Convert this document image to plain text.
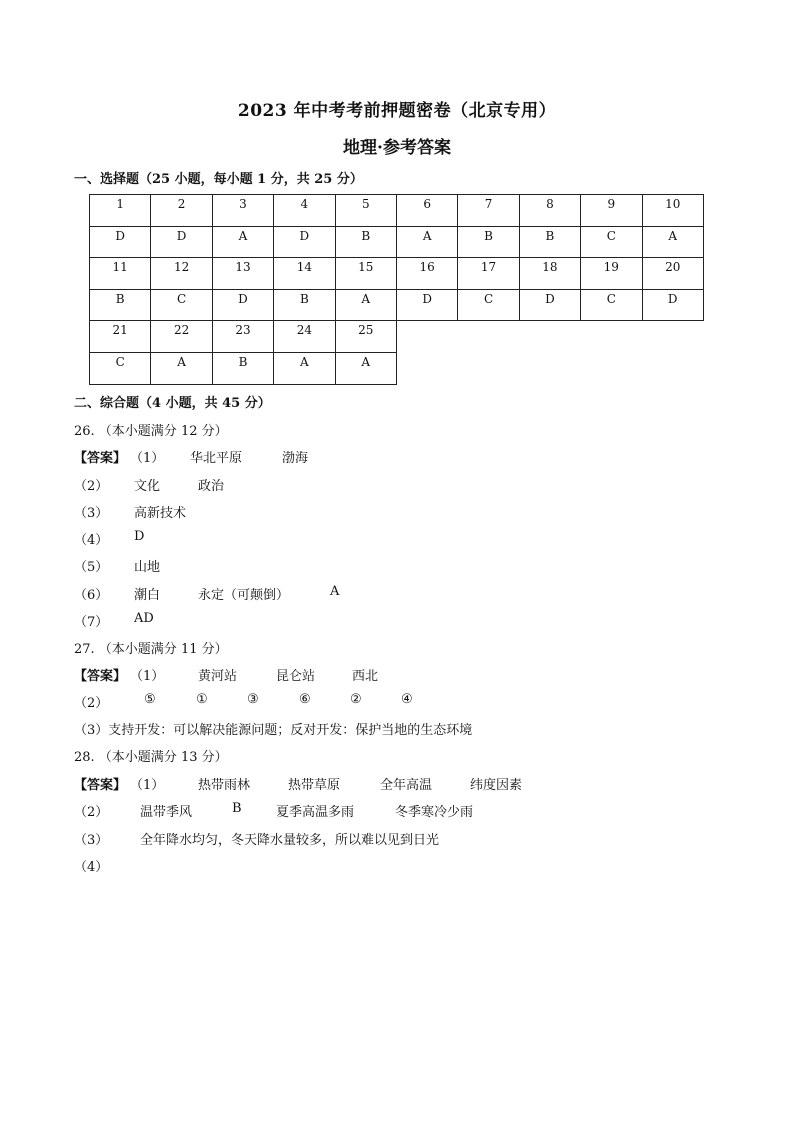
2023 年中考考前押题密卷（北京专用）
地理·参考答案
一、选择题（25 小题，每小题 1 分，共 25 分）
1	2	3	4	5	6	7	8	9	10
D	D	A	D	B	A	B	B	C	A
11	12	13	14	15	16	17	18	19	20
B	C	D	B	A	D	C	D	C	D
21	22	23	24	25					
C	A	B	A	A					
二、综合题（4 小题，共 45 分）
26. （本小题满分 12 分）
【答案】 （1） 华北平原	渤海
（2） 文化	政治
（3） 高新技术
（4） D
（5） 山地
（6） 潮白	永定（可颠倒）	A
（7） AD
27. （本小题满分 11 分）
【答案】 （1）	黄河站	昆仑站	西北
（2）	⑤	①	③	⑥	②	④
（3）支持开发：可以解决能源问题；反对开发：保护当地的生态环境
28. （本小题满分 13 分）
【答案】 （1）	热带雨林	热带草原	全年高温	纬度因素
（2） 温带季风	B	夏季高温多雨	冬季寒冷少雨
（3） 全年降水均匀，冬天降水量较多，所以难以见到日光
（4）
